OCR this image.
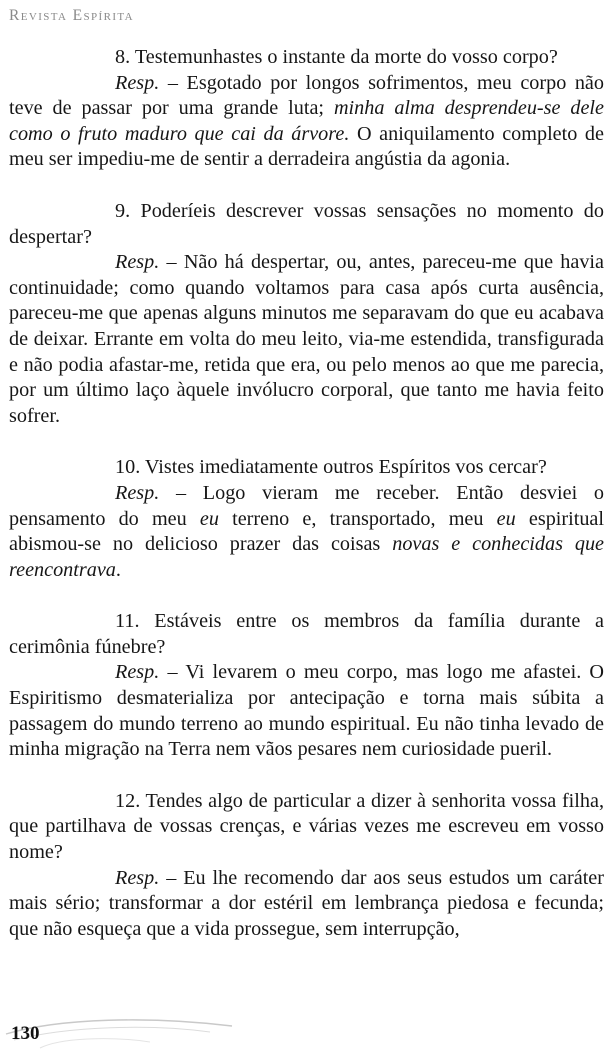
Revista Espírita

8. Testemunhastes o instante da morte do vosso corpo?

Resp. – Esgotado por longos sofrimentos, meu corpo não teve de passar por uma grande luta; minha alma desprendeu-se dele como o fruto maduro que cai da árvore. O aniquilamento completo de meu ser impediu-me de sentir a derradeira angústia da agonia.

9. Poderíeis descrever vossas sensações no momento do despertar?

Resp. – Não há despertar, ou, antes, pareceu-me que havia continuidade; como quando voltamos para casa após curta ausência, pareceu-me que apenas alguns minutos me separavam do que eu acabava de deixar. Errante em volta do meu leito, via-me estendida, transfigurada e não podia afastar-me, retida que era, ou pelo menos ao que me parecia, por um último laço àquele invólucro corporal, que tanto me havia feito sofrer.

10. Vistes imediatamente outros Espíritos vos cercar?

Resp. – Logo vieram me receber. Então desviei o pensamento do meu eu terreno e, transportado, meu eu espiritual abismou-se no delicioso prazer das coisas novas e conhecidas que reencontrava.

11. Estáveis entre os membros da família durante a cerimônia fúnebre?

Resp. – Vi levarem o meu corpo, mas logo me afastei. O Espiritismo desmaterializa por antecipação e torna mais súbita a passagem do mundo terreno ao mundo espiritual. Eu não tinha levado de minha migração na Terra nem vãos pesares nem curiosidade pueril.

12. Tendes algo de particular a dizer à senhorita vossa filha, que partilhava de vossas crenças, e várias vezes me escreveu em vosso nome?

Resp. – Eu lhe recomendo dar aos seus estudos um caráter mais sério; transformar a dor estéril em lembrança piedosa e fecunda; que não esqueça que a vida prossegue, sem interrupção,

130
